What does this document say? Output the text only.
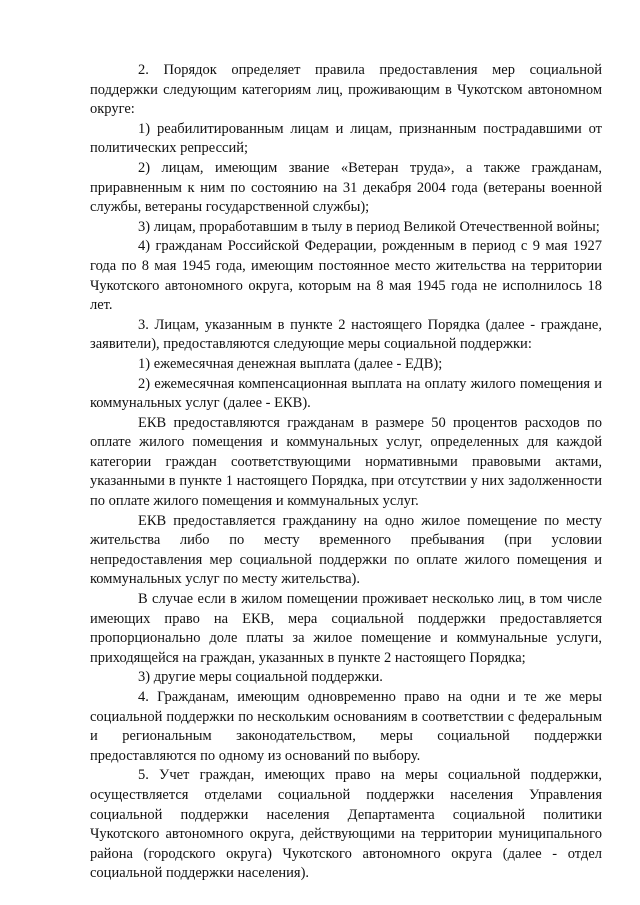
2. Порядок определяет правила предоставления мер социальной поддержки следующим категориям лиц, проживающим в Чукотском автономном округе:

1) реабилитированным лицам и лицам, признанным пострадавшими от политических репрессий;

2) лицам, имеющим звание «Ветеран труда», а также гражданам, приравненным к ним по состоянию на 31 декабря 2004 года (ветераны военной службы, ветераны государственной службы);

3) лицам, проработавшим в тылу в период Великой Отечественной войны;

4) гражданам Российской Федерации, рожденным в период с 9 мая 1927 года по 8 мая 1945 года, имеющим постоянное место жительства на территории Чукотского автономного округа, которым на 8 мая 1945 года не исполнилось 18 лет.

3. Лицам, указанным в пункте 2 настоящего Порядка (далее - граждане, заявители), предоставляются следующие меры социальной поддержки:

1) ежемесячная денежная выплата (далее - ЕДВ);

2) ежемесячная компенсационная выплата на оплату жилого помещения и коммунальных услуг (далее - ЕКВ).

ЕКВ предоставляются гражданам в размере 50 процентов расходов по оплате жилого помещения и коммунальных услуг, определенных для каждой категории граждан соответствующими нормативными правовыми актами, указанными в пункте 1 настоящего Порядка, при отсутствии у них задолженности по оплате жилого помещения и коммунальных услуг.

ЕКВ предоставляется гражданину на одно жилое помещение по месту жительства либо по месту временного пребывания (при условии непредоставления мер социальной поддержки по оплате жилого помещения и коммунальных услуг по месту жительства).

В случае если в жилом помещении проживает несколько лиц, в том числе имеющих право на ЕКВ, мера социальной поддержки предоставляется пропорционально доле платы за жилое помещение и коммунальные услуги, приходящейся на граждан, указанных в пункте 2 настоящего Порядка;

3) другие меры социальной поддержки.

4. Гражданам, имеющим одновременно право на одни и те же меры социальной поддержки по нескольким основаниям в соответствии с федеральным и региональным законодательством, меры социальной поддержки предоставляются по одному из оснований по выбору.

5. Учет граждан, имеющих право на меры социальной поддержки, осуществляется отделами социальной поддержки населения Управления социальной поддержки населения Департамента социальной политики Чукотского автономного округа, действующими на территории муниципального района (городского округа) Чукотского автономного округа (далее - отдел социальной поддержки населения).
